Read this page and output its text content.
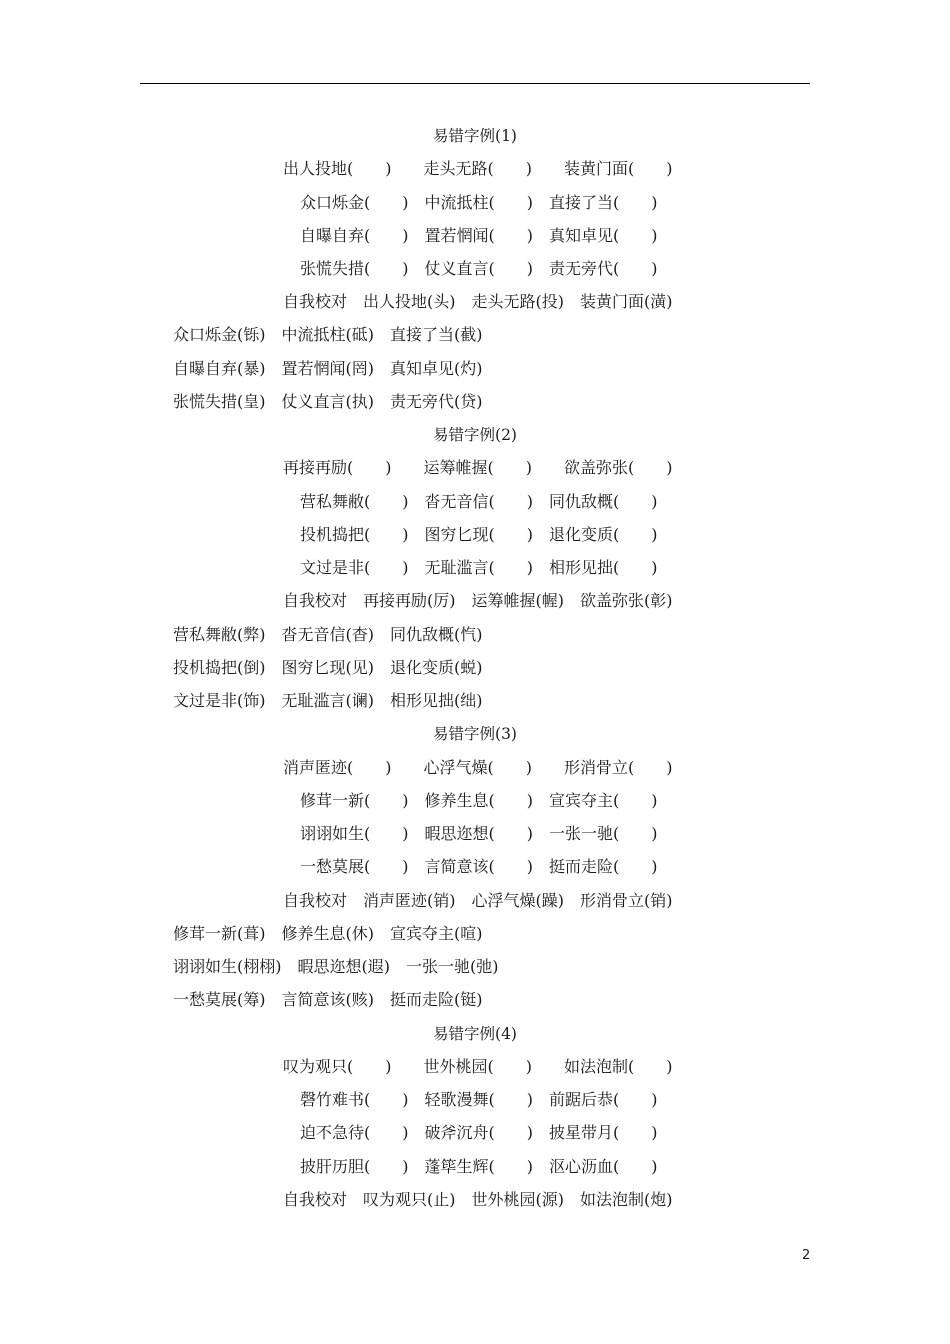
易错字例(1)
出人投地(　　)　　走头无路(　　)　　装黄门面(　　)
众口烁金(　　)　中流抵柱(　　)　直接了当(　　)
自曝自弃(　　)　置若惘闻(　　)　真知卓见(　　)
张慌失措(　　)　仗义直言(　　)　责无旁代(　　)
自我校对　出人投地(头)　走头无路(投)　装黄门面(潢)
众口烁金(铄)　中流抵柱(砥)　直接了当(截)
自曝自弃(暴)　置若惘闻(罔)　真知卓见(灼)
张慌失措(皇)　仗义直言(执)　责无旁代(贷)
易错字例(2)
再接再励(　　)　　运筹帷握(　　)　　欲盖弥张(　　)
营私舞敝(　　)　沓无音信(　　)　同仇敌概(　　)
投机捣把(　　)　图穷匕现(　　)　退化变质(　　)
文过是非(　　)　无耻滥言(　　)　相形见拙(　　)
自我校对　再接再励(厉)　运筹帷握(幄)　欲盖弥张(彰)
营私舞敝(弊)　沓无音信(杳)　同仇敌概(忾)
投机捣把(倒)　图穷匕现(见)　退化变质(蜕)
文过是非(饰)　无耻滥言(谰)　相形见拙(绌)
易错字例(3)
消声匿迹(　　)　　心浮气燥(　　)　　形消骨立(　　)
修茸一新(　　)　修养生息(　　)　宣宾夺主(　　)
诩诩如生(　　)　暇思迩想(　　)　一张一驰(　　)
一愁莫展(　　)　言简意该(　　)　挺而走险(　　)
自我校对　消声匿迹(销)　心浮气燥(躁)　形消骨立(销)
修茸一新(葺)　修养生息(休)　宣宾夺主(喧)
诩诩如生(栩栩)　暇思迩想(遐)　一张一驰(弛)
一愁莫展(筹)　言简意该(赅)　挺而走险(铤)
易错字例(4)
叹为观只(　　)　　世外桃园(　　)　　如法泡制(　　)
磬竹难书(　　)　轻歌漫舞(　　)　前踞后恭(　　)
迫不急待(　　)　破斧沉舟(　　)　披星带月(　　)
披肝历胆(　　)　蓬筚生辉(　　)　沤心沥血(　　)
自我校对　叹为观只(止)　世外桃园(源)　如法泡制(炮)
2
